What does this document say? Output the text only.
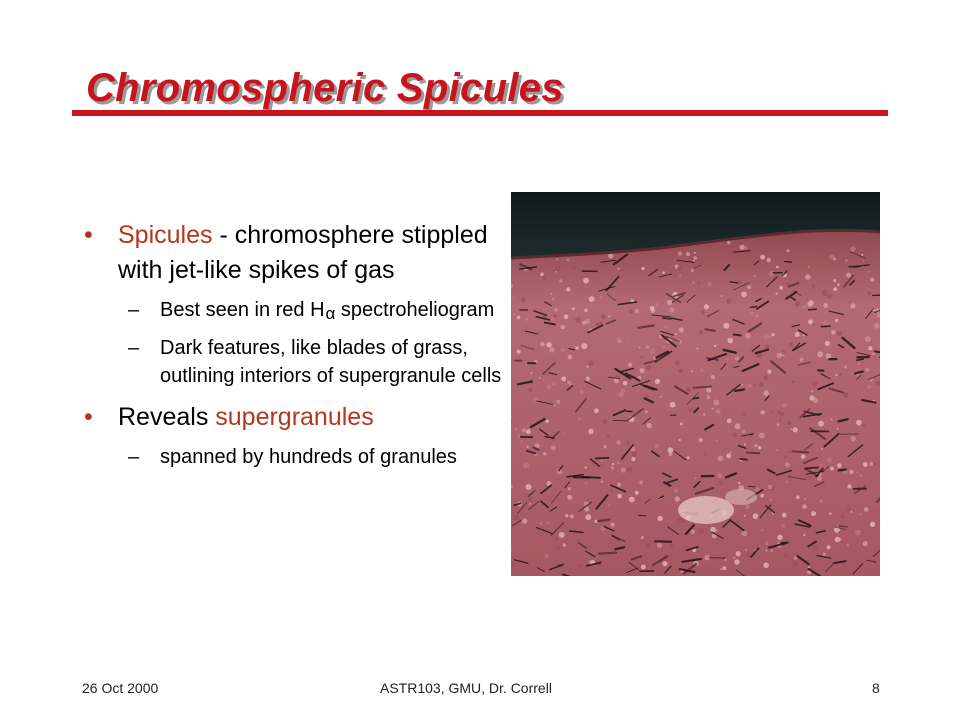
Chromospheric Spicules
• Spicules - chromosphere stippled with jet-like spikes of gas
– Best seen in red Hα spectroheliogram
– Dark features, like blades of grass, outlining interiors of supergranule cells
• Reveals supergranules
– spanned by hundreds of granules
26 Oct 2000	ASTR103, GMU, Dr. Correll	8
